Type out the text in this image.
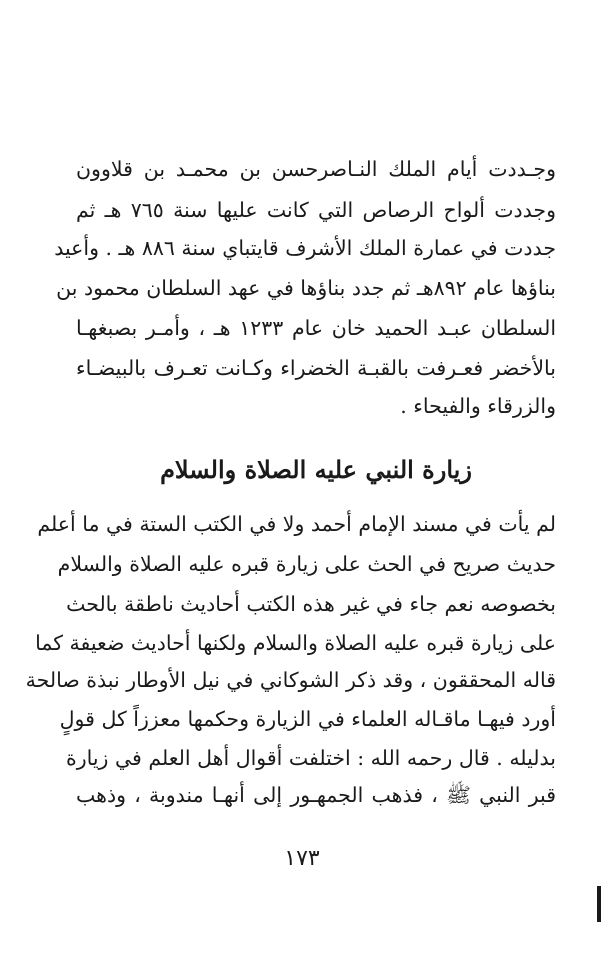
وجـددت أيام الملك النـاصرحسن بن محمـد بن قلاوون

وجددت ألواح الرصاص التي كانت عليها سنة ٧٦٥ هـ ثم

جددت في عمارة الملك الأشرف قايتباي سنة ٨٨٦ هـ . وأعيد

بناؤها عام ٨٩٢هـ ثم جدد بناؤها في عهد السلطان محمود بن

السلطان عبـد الحميد خان عام ١٢٣٣ هـ ، وأمـر بصبغهـا

بالأخضر فعـرفت بالقبـة الخضراء وكـانت تعـرف بالبيضـاء

والزرقاء والفيحاء .

زيارة النبي عليه الصلاة والسلام

لم يأت في مسند الإمام أحمد ولا في الكتب الستة في ما أعلم

حديث صريح في الحث على زيارة قبره عليه الصلاة والسلام

بخصوصه نعم جاء في غير هذه الكتب أحاديث ناطقة بالحث

على زيارة قبره عليه الصلاة والسلام ولكنها أحاديث ضعيفة كما

قاله المحققون ، وقد ذكر الشوكاني في نيل الأوطار نبذة صالحة

أورد فيهـا ماقـاله العلماء في الزيارة وحكمها معززاً كل قولٍ

بدليله . قال رحمه الله : اختلفت أقوال أهل العلم في زيارة

قبر النبي ﷺ ، فذهب الجمهـور إلى أنهـا مندوبة ، وذهب

١٧٣
